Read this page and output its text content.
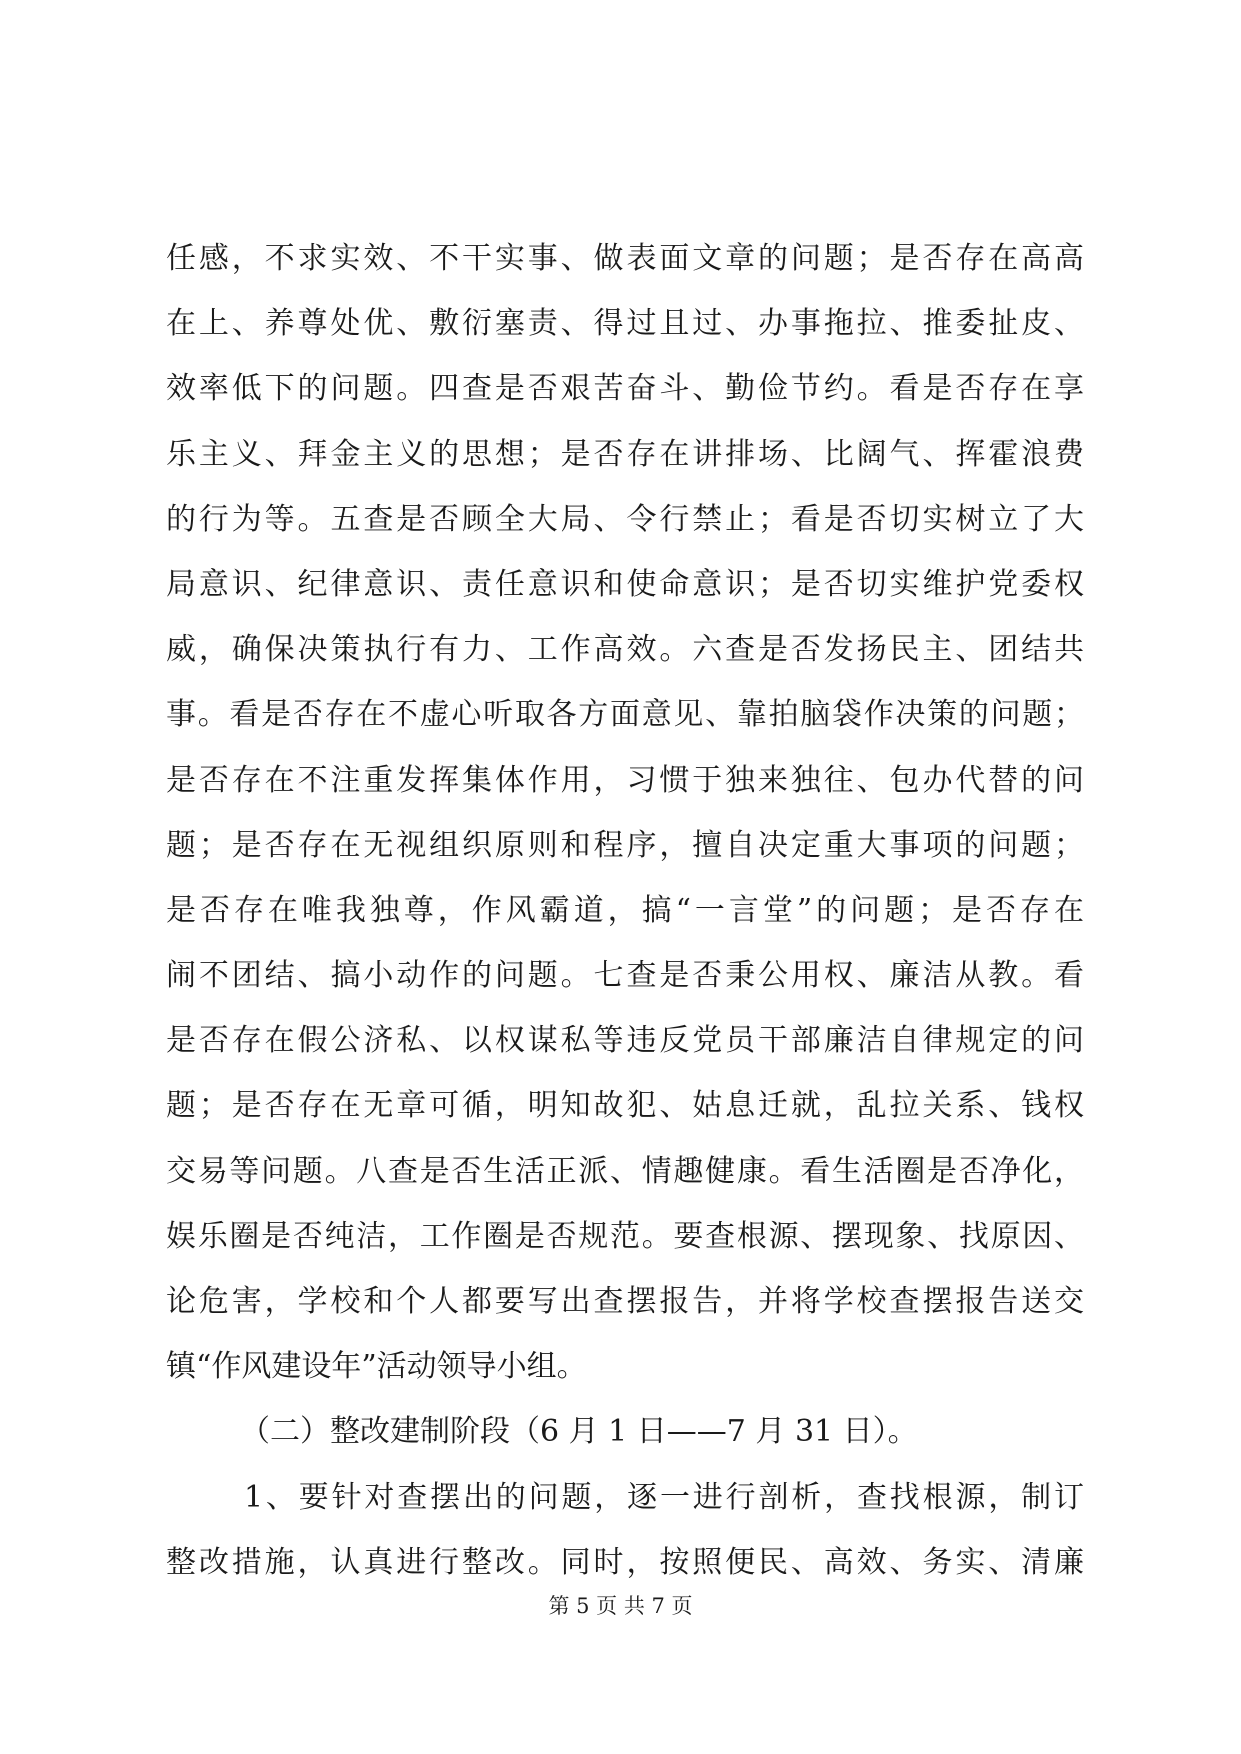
任感，不求实效、不干实事、做表面文章的问题；是否存在高高
在上、养尊处优、敷衍塞责、得过且过、办事拖拉、推委扯皮、
效率低下的问题。四查是否艰苦奋斗、勤俭节约。看是否存在享
乐主义、拜金主义的思想；是否存在讲排场、比阔气、挥霍浪费
的行为等。五查是否顾全大局、令行禁止；看是否切实树立了大
局意识、纪律意识、责任意识和使命意识；是否切实维护党委权
威，确保决策执行有力、工作高效。六查是否发扬民主、团结共
事。看是否存在不虚心听取各方面意见、靠拍脑袋作决策的问题；
是否存在不注重发挥集体作用，习惯于独来独往、包办代替的问
题；是否存在无视组织原则和程序，擅自决定重大事项的问题；
是否存在唯我独尊，作风霸道，搞“一言堂”的问题；是否存在
闹不团结、搞小动作的问题。七查是否秉公用权、廉洁从教。看
是否存在假公济私、以权谋私等违反党员干部廉洁自律规定的问
题；是否存在无章可循，明知故犯、姑息迁就，乱拉关系、钱权
交易等问题。八查是否生活正派、情趣健康。看生活圈是否净化，
娱乐圈是否纯洁，工作圈是否规范。要查根源、摆现象、找原因、
论危害，学校和个人都要写出查摆报告，并将学校查摆报告送交
镇“作风建设年”活动领导小组。
（二）整改建制阶段（6 月 1 日——7 月 31 日）。
1、要针对查摆出的问题，逐一进行剖析，查找根源，制订
整改措施，认真进行整改。同时，按照便民、高效、务实、清廉
第 5 页 共 7 页
